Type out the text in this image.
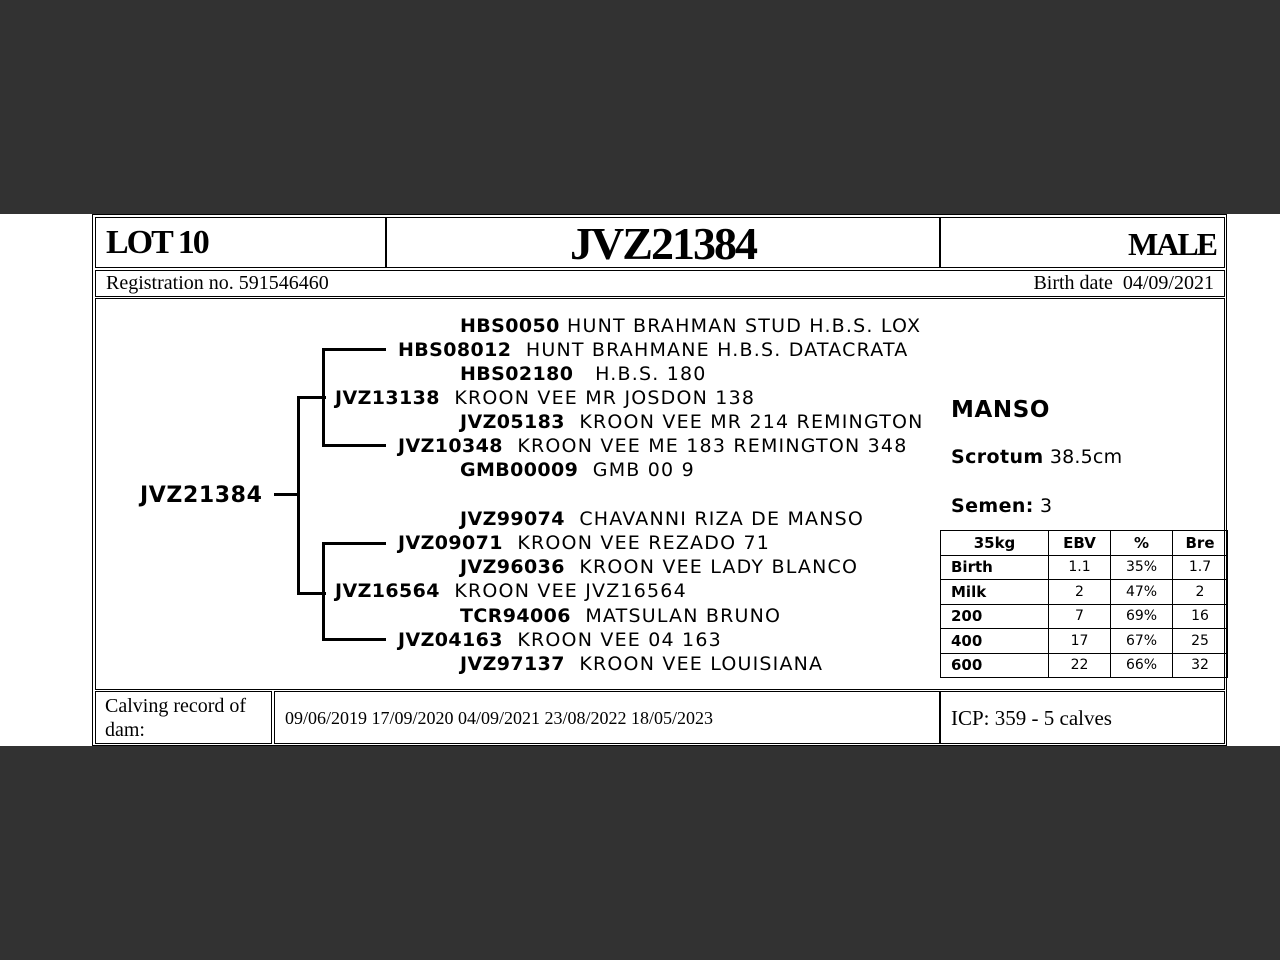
LOT 10	JVZ21384	MALE
Registration no. 591546460	Birth date 04/09/2021
Calving record of dam:
09/06/2019 17/09/2020 04/09/2021 23/08/2022 18/05/2023	ICP: 359 - 5 calves
JVZ21384
HBS0050 HUNT BRAHMAN STUD H.B.S. LOX
HBS08012 HUNT BRAHMANE H.B.S. DATACRATA
HBS02180 H.B.S. 180
JVZ13138 KROON VEE MR JOSDON 138
JVZ05183 KROON VEE MR 214 REMINGTON
JVZ10348 KROON VEE ME 183 REMINGTON 348
GMB00009 GMB 00 9
JVZ99074 CHAVANNI RIZA DE MANSO
JVZ09071 KROON VEE REZADO 71
JVZ96036 KROON VEE LADY BLANCO
JVZ16564 KROON VEE JVZ16564
TCR94006 MATSULAN BRUNO
JVZ04163 KROON VEE 04 163
JVZ97137 KROON VEE LOUISIANA
MANSO
Scrotum 38.5cm
Semen: 3
35kg	EBV	%	Bre
Birth	1.1	35%	1.7
Milk	2	47%	2
200	7	69%	16
400	17	67%	25
600	22	66%	32
